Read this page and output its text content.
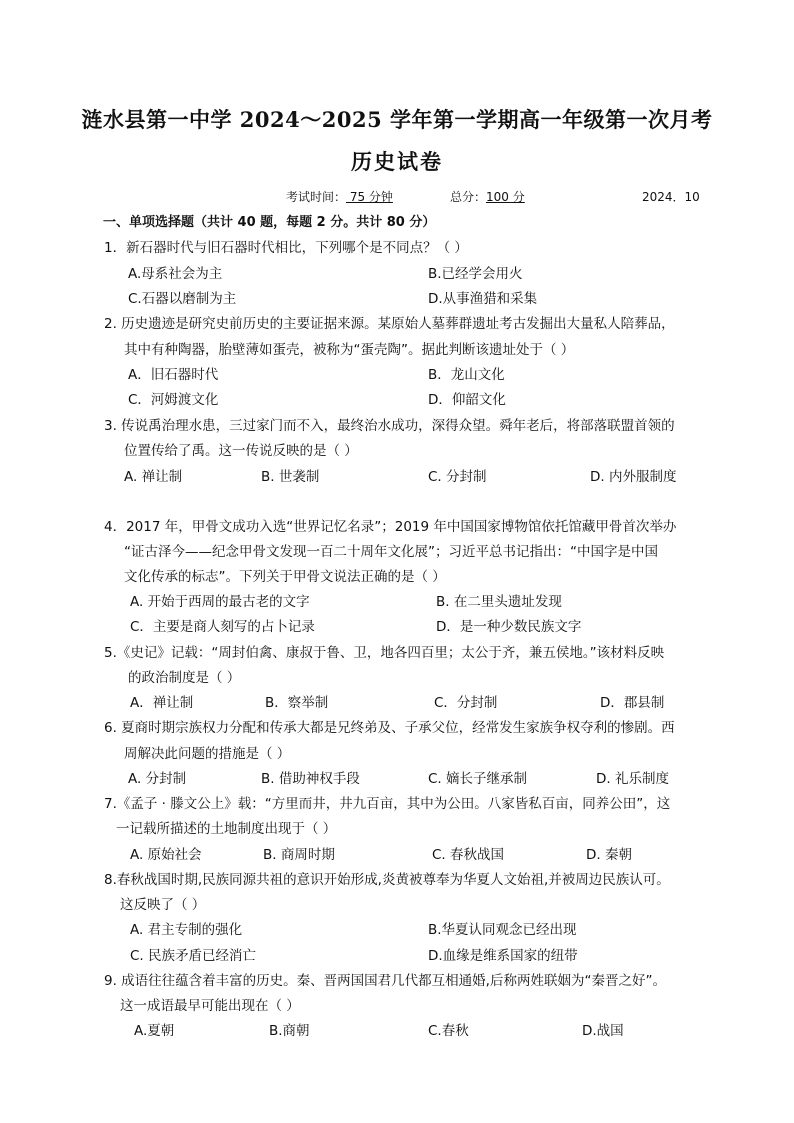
涟水县第一中学 2024～2025 学年第一学期高一年级第一次月考
历史试卷
考试时间： 75 分钟	总分：100 分	2024．10
一、单项选择题（共计 40 题，每题 2 分。共计 80 分）
1．新石器时代与旧石器时代相比，下列哪个是不同点？（ ）
A.母系社会为主	B.已经学会用火
C.石器以磨制为主	D.从事渔猎和采集
2. 历史遗迹是研究史前历史的主要证据来源。某原始人墓葬群遗址考古发掘出大量私人陪葬品，
其中有种陶器，胎壁薄如蛋壳，被称为“蛋壳陶”。据此判断该遗址处于（ ）
A．旧石器时代	B．龙山文化
C．河姆渡文化	D．仰韶文化
3. 传说禹治理水患，三过家门而不入，最终治水成功，深得众望。舜年老后，将部落联盟首领的
位置传给了禹。这一传说反映的是（ ）
A. 禅让制	B. 世袭制	C. 分封制	D. 内外服制度
4．2017 年，甲骨文成功入选“世界记忆名录”；2019 年中国国家博物馆依托馆藏甲骨首次举办
“证古泽今——纪念甲骨文发现一百二十周年文化展”；习近平总书记指出：“中国字是中国
文化传承的标志”。下列关于甲骨文说法正确的是（ ）
A. 开始于西周的最古老的文字	B. 在二里头遗址发现
C．主要是商人刻写的占卜记录	D．是一种少数民族文字
5.《史记》记载：“周封伯禽、康叔于鲁、卫，地各四百里；太公于齐，兼五侯地。”该材料反映
的政治制度是（ ）
A．禅让制	B．察举制	C．分封制	D．郡县制
6. 夏商时期宗族权力分配和传承大都是兄终弟及、子承父位，经常发生家族争权夺利的惨剧。西
周解决此问题的措施是（ ）
A. 分封制	B. 借助神权手段	C. 嫡长子继承制	D. 礼乐制度
7.《孟子 · 滕文公上》载：“方里而井，井九百亩，其中为公田。八家皆私百亩，同养公田”，这
一记载所描述的土地制度出现于（ ）
A. 原始社会	B. 商周时期	C. 春秋战国	D. 秦朝
8.春秋战国时期,民族同源共祖的意识开始形成,炎黄被尊奉为华夏人文始祖,并被周边民族认可。
这反映了（ ）
A. 君主专制的强化	B.华夏认同观念已经出现
C. 民族矛盾已经消亡	D.血缘是维系国家的纽带
9. 成语往往蕴含着丰富的历史。秦、晋两国国君几代都互相通婚,后称两姓联姻为“秦晋之好”。
这一成语最早可能出现在（ ）
A.夏朝	B.商朝	C.春秋	D.战国
